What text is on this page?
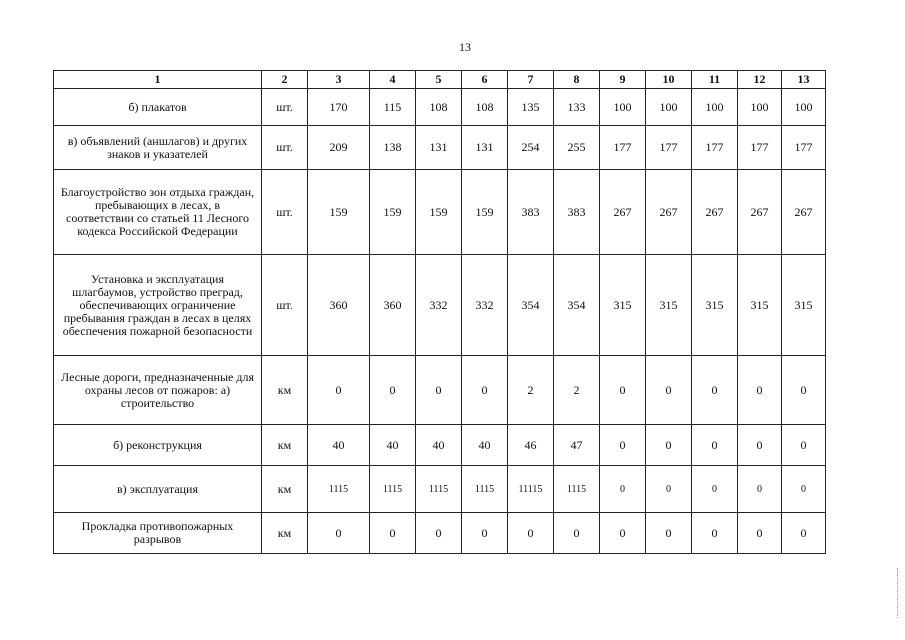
13
1	2	3	4	5	6	7	8	9	10	11	12	13
б) плакатов	шт.	170	115	108	108	135	133	100	100	100	100	100
в) объявлений (аншлагов) и других знаков и указателей	шт.	209	138	131	131	254	255	177	177	177	177	177
Благоустройство зон отдыха граждан, пребывающих в лесах, в соответствии со статьей 11 Лесного кодекса Российской Федерации	шт.	159	159	159	159	383	383	267	267	267	267	267
Установка и эксплуатация шлагбаумов, устройство преград, обеспечивающих ограничение пребывания граждан в лесах в целях обеспечения пожарной безопасности	шт.	360	360	332	332	354	354	315	315	315	315	315
Лесные дороги, предназначенные для охраны лесов от пожаров: а) строительство	км	0	0	0	0	2	2	0	0	0	0	0
б) реконструкция	км	40	40	40	40	46	47	0	0	0	0	0
в) эксплуатация	км	1115	1115	1115	1115	11115	1115	0	0	0	0	0
Прокладка противопожарных разрывов	км	0	0	0	0	0	0	0	0	0	0	0
